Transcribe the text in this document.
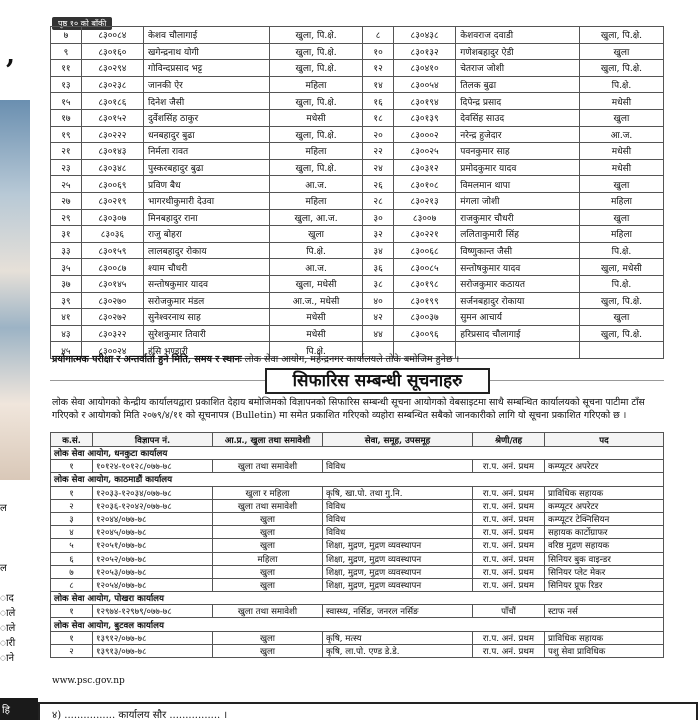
,
ल
ल
ाद
ाले
ाले
ारी
ाने
हि
पृष्ठ १० को बाँकी
७	८३००८४	केशव चौलागाई	खुला, पि.क्षे.	८	८३०४३८	केशवराज दवाडी	खुला, पि.क्षे.
९	८३०१६०	खगेन्द्रनाथ योगी	खुला, पि.क्षे.	१०	८३०१३२	गणेशबहादुर ऐडी	खुला
११	८३०२९४	गोविन्दप्रसाद भट्ट	खुला, पि.क्षे.	१२	८३०४१०	चेतराज जोशी	खुला, पि.क्षे.
१३	८३०२३८	जानकी ऐर	महिला	१४	८३००५४	तिलक बुढा	पि.क्षे.
१५	८३०१८६	दिनेश जैसी	खुला, पि.क्षे.	१६	८३०१९४	दिपेन्द्र प्रसाद	मधेसी
१७	८३०१५२	दुर्वेशसिंह ठाकुर	मधेसी	१८	८३०१३९	देवसिंह साउद	खुला
१९	८३०२२२	धनबहादुर बुढा	खुला, पि.क्षे.	२०	८३०००२	नरेन्द्र हुजेदार	आ.ज.
२१	८३०१४३	निर्मला रावत	महिला	२२	८३००२५	पवनकुमार साह	मधेसी
२३	८३०३४८	पुस्करबहादुर बुढा	खुला, पि.क्षे.	२४	८३०३१२	प्रमोदकुमार यादव	मधेसी
२५	८३००६९	प्रविण बैध	आ.ज.	२६	८३०१०८	विमलमान थापा	खुला
२७	८३०२१९	भागरथीकुमारी देउवा	महिला	२८	८३०२१३	मंगला जोशी	महिला
२९	८३०३०७	मिनबहादुर राना	खुला, आ.ज.	३०	८३००७	राजकुमार चौधरी	खुला
३१	८३०३६	राजु बोहरा	खुला	३२	८३०२२१	ललिताकुमारी सिंह	महिला
३३	८३०१५९	लालबहादुर रोकाय	पि.क्षे.	३४	८३००६८	विष्णुकान्त जैसी	पि.क्षे.
३५	८३००८७	श्याम चौधरी	आ.ज.	३६	८३००८५	सन्तोषकुमार यादव	खुला, मधेसी
३७	८३०१४५	सन्तोषकुमार यादव	खुला, मधेसी	३८	८३०१९८	सरोजकुमार कठायत	पि.क्षे.
३९	८३०२७०	सरोजकुमार मंडल	आ.ज., मधेसी	४०	८३०१९९	सर्जनबहादुर रोकाया	खुला, पि.क्षे.
४१	८३०२७२	सुनेश्वरनाथ साह	मधेसी	४२	८३००३७	सुमन आचार्य	खुला
४३	८३०३२२	सुरेशकुमार तिवारी	मधेसी	४४	८३००९६	हरिप्रसाद चौलागाई	खुला, पि.क्षे.
४५	८३००२४	हंसि भण्डारी	पि.क्षे.				
प्रयोगात्मक परीक्षा र अन्तर्वार्ता हुने मिति, समय र स्थानः लोक सेवा आयोग, महेन्द्रनगर कार्यालयले तोके बमोजिम हुनेछ ।
सिफारिस सम्बन्धी सूचनाहरु
लोक सेवा आयोगको केन्द्रीय कार्यालयद्वारा प्रकाशित देहाय बमोजिमको विज्ञापनको सिफारिस सम्बन्धी सूचना आयोगको वेबसाइटमा साथै सम्बन्धित कार्यालयको सूचना पाटीमा टाँस गरिएको र आयोगको मिति २०७९/४/११ को सूचनापत्र (Bulletin) मा समेत प्रकाशित गरिएको व्यहोरा सम्बन्धित सबैको जानकारीको लागि यो सूचना प्रकाशित गरिएको छ ।
क.सं.	विज्ञापन नं.	आ.प्र., खुला तथा समावेशी	सेवा, समूह, उपसमूह	श्रेणी/तह	पद
लोक सेवा आयोग, धनकुटा कार्यालय					
१	१०१२४-१०१२८/०७७-७८	खुला तथा समावेशी	विविध	रा.प. अनं. प्रथम	कम्प्यूटर अपरेटर
लोक सेवा आयोग, काठमाडौं कार्यालय					
१	१२०३३-१२०३४/०७७-७८	खुला र महिला	कृषि, खा.पो. तथा गु.नि.	रा.प. अनं. प्रथम	प्राविधिक सहायक
२	१२०३६-१२०४२/०७७-७८	खुला तथा समावेशी	विविध	रा.प. अनं. प्रथम	कम्प्यूटर अपरेटर
३	१२०४४/०७७-७८	खुला	विविध	रा.प. अनं. प्रथम	कम्प्यूटर टेक्निसियन
४	१२०४५/०७७-७८	खुला	विविध	रा.प. अनं. प्रथम	सहायक कार्टोग्राफर
५	१२०५१/०७७-७८	खुला	शिक्षा, मुद्रण, मुद्रण व्यवस्थापन	रा.प. अनं. प्रथम	वरिष्ठ मुद्रण सहायक
६	१२०५२/०७७-७८	महिला	शिक्षा, मुद्रण, मुद्रण व्यवस्थापन	रा.प. अनं. प्रथम	सिनियर बुक वाइन्डर
७	१२०५३/०७७-७८	खुला	शिक्षा, मुद्रण, मुद्रण व्यवस्थापन	रा.प. अनं. प्रथम	सिनियर प्लेट मेकर
८	१२०५४/०७७-७८	खुला	शिक्षा, मुद्रण, मुद्रण व्यवस्थापन	रा.प. अनं. प्रथम	सिनियर प्रूफ रिडर
लोक सेवा आयोग, पोखरा कार्यालय					
१	१२९७४-१२९७९/०७७-७८	खुला तथा समावेशी	स्वास्थ्य, नर्सिङ, जनरल नर्सिङ	पाँचौं	स्टाफ नर्स
लोक सेवा आयोग, बुटवल कार्यालय					
१	१३९१२/०७७-७८	खुला	कृषि, मत्स्य	रा.प. अनं. प्रथम	प्राविधिक सहायक
२	१३९१३/०७७-७८	खुला	कृषि, ला.पो. एण्ड डे.डे.	रा.प. अनं. प्रथम	पशु सेवा प्राविधिक
www.psc.gov.np
४) ................ कार्यालय सौर ................ ।
